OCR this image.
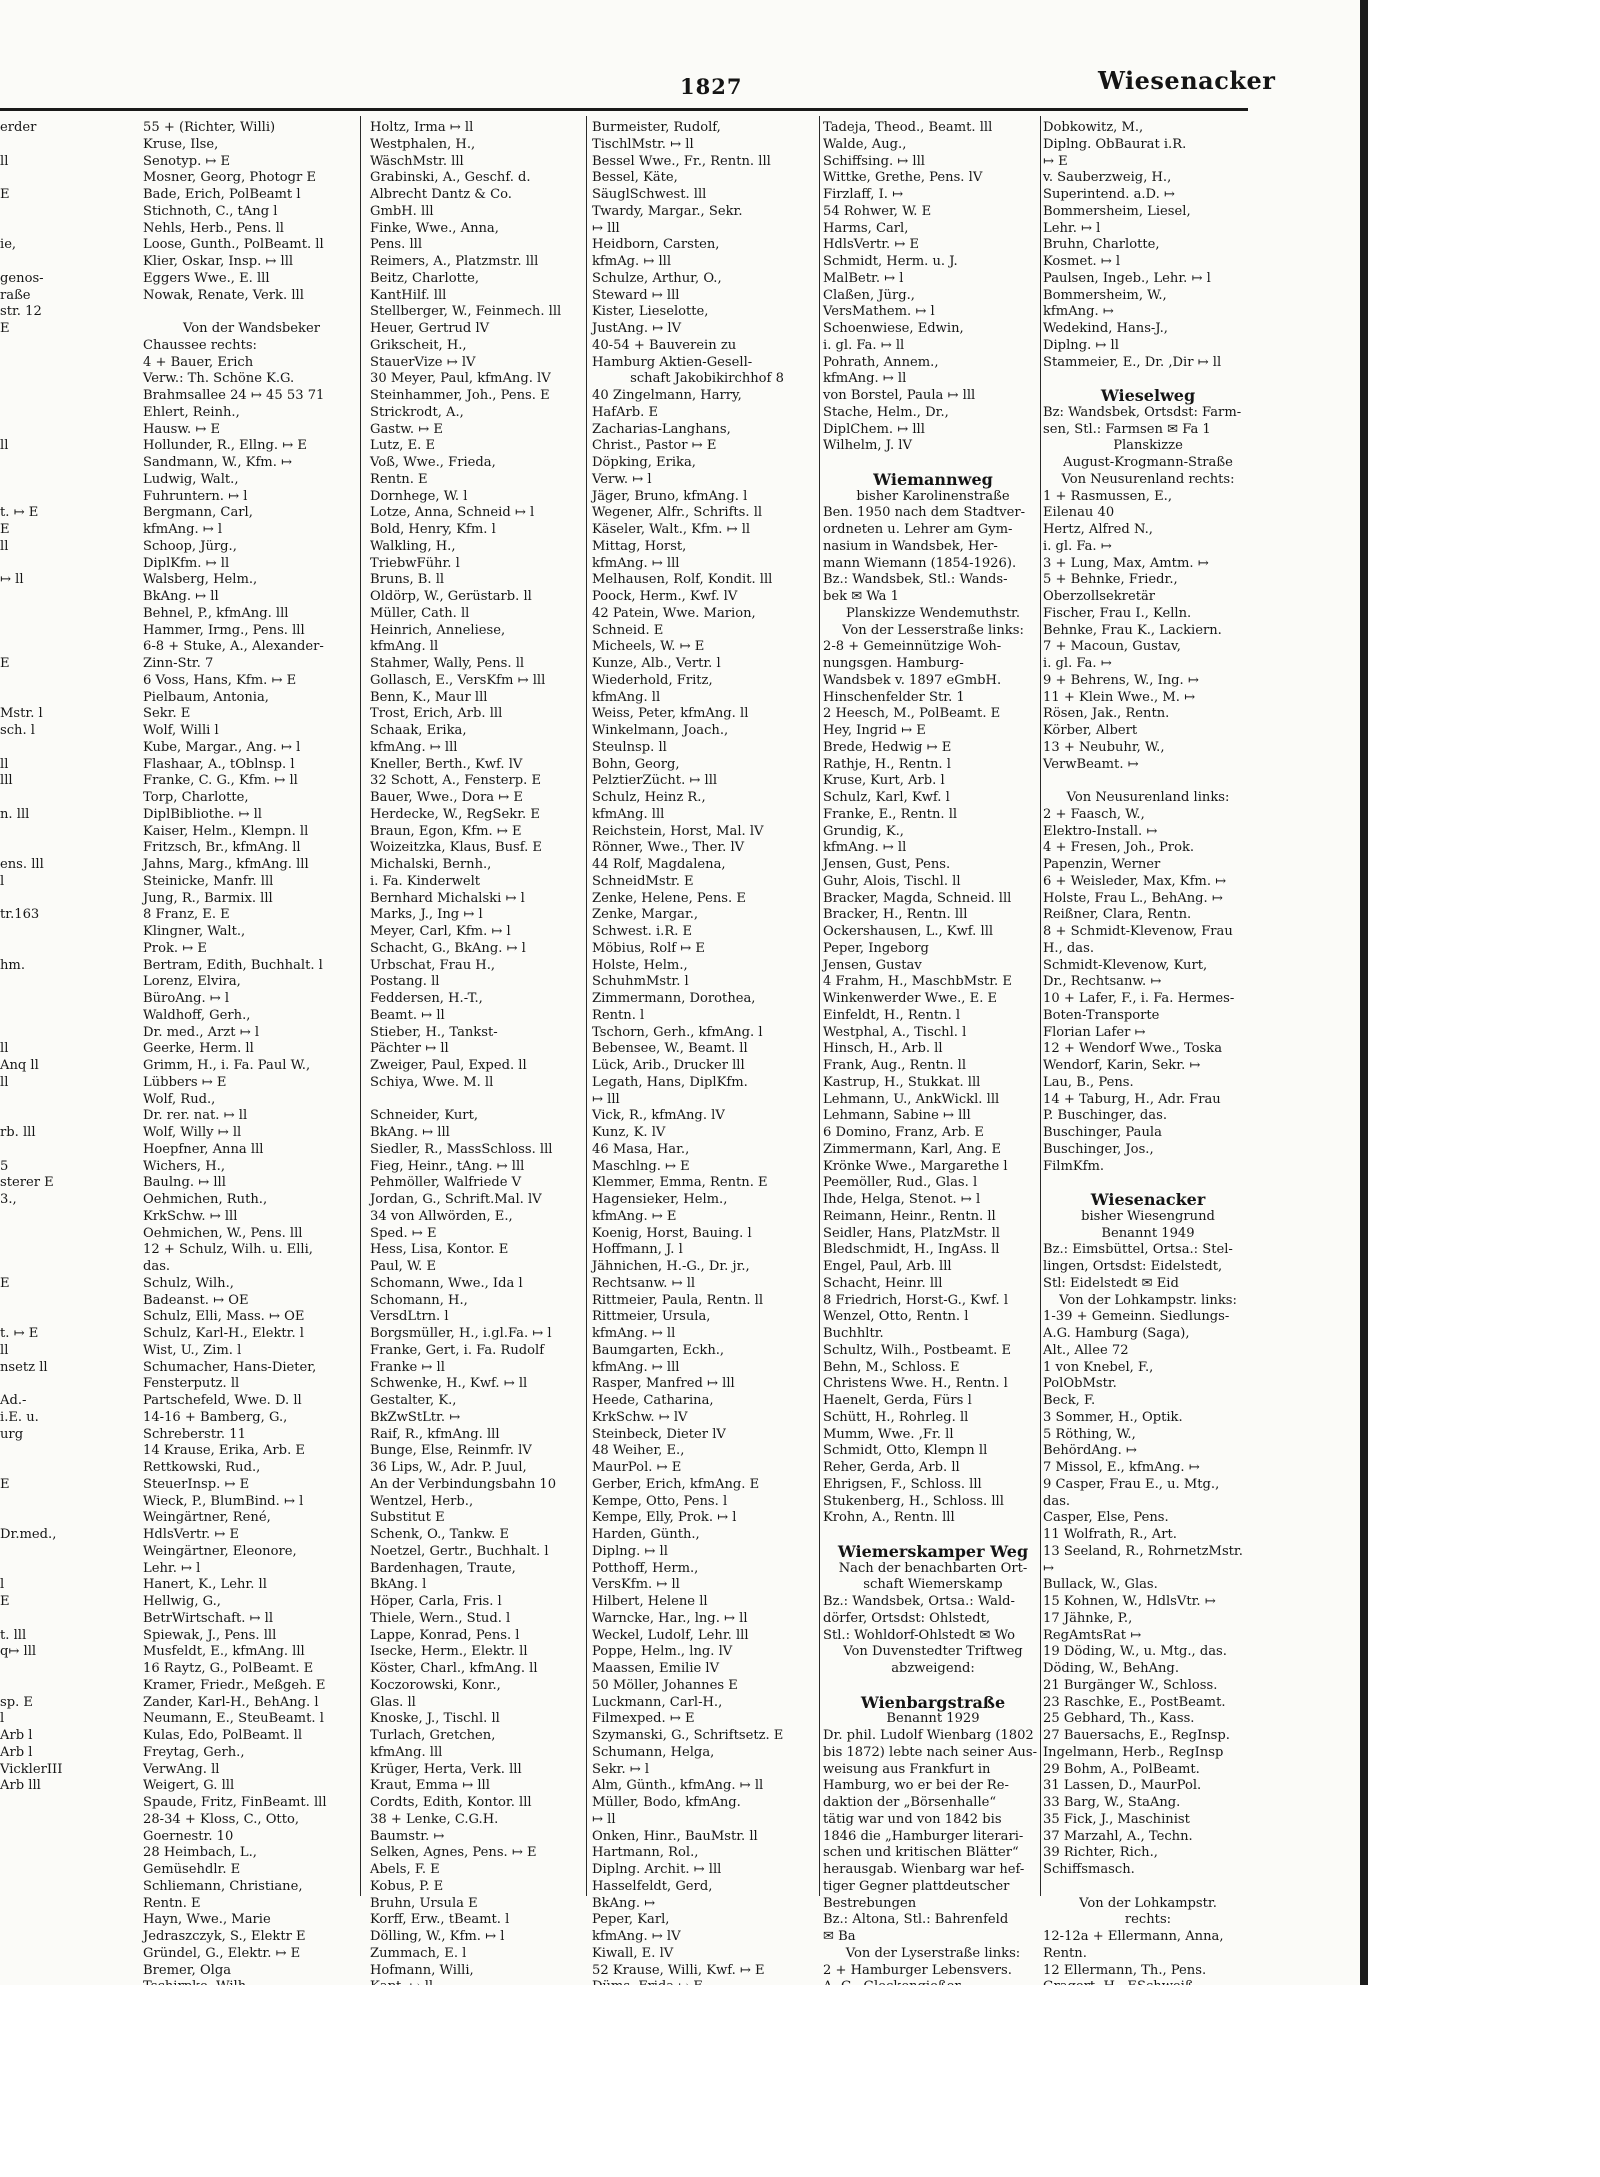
1827	Wiesenacker
erder
ll
E
ie,
genos-
raße
str. 12
E
ll
t. ↦ E
E
ll
↦ ll
E
Mstr. l
sch. l
ll
lll
n. lll
ens. lll
l
tr.163
hm.
ll
Anq ll
ll
rb. lll
5
sterer E
3.,
E
t. ↦ E
ll
nsetz ll
Ad.-
i.E. u.
urg
E
Dr.med.,
l
E
t. lll
q↦ lll
sp. E
l
Arb l
Arb l
VicklerIII
Arb lll
55 + (Richter, Willi)
Kruse, Ilse,
Senotyp. ↦ E
Mosner, Georg, Photogr E
Bade, Erich, PolBeamt l
Stichnoth, C., tAng l
Nehls, Herb., Pens. ll
Loose, Gunth., PolBeamt. ll
Klier, Oskar, Insp. ↦ lll
Eggers Wwe., E. lll
Nowak, Renate, Verk. lll
Von der Wandsbeker
Chaussee rechts:
4 + Bauer, Erich
Verw.: Th. Schöne K.G.
Brahmsallee 24 ↦ 45 53 71
Ehlert, Reinh.,
Hausw. ↦ E
Hollunder, R., Ellng. ↦ E
Sandmann, W., Kfm. ↦
Ludwig, Walt.,
Fuhruntern. ↦ l
Bergmann, Carl,
kfmAng. ↦ l
Schoop, Jürg.,
DiplKfm. ↦ ll
Walsberg, Helm.,
BkAng. ↦ ll
Behnel, P., kfmAng. lll
Hammer, Irmg., Pens. lll
6-8 + Stuke, A., Alexander-
Zinn-Str. 7
6 Voss, Hans, Kfm. ↦ E
Pielbaum, Antonia,
Sekr. E
Wolf, Willi l
Kube, Margar., Ang. ↦ l
Flashaar, A., tOblnsp. l
Franke, C. G., Kfm. ↦ ll
Torp, Charlotte,
DiplBibliothe. ↦ ll
Kaiser, Helm., Klempn. ll
Fritzsch, Br., kfmAng. ll
Jahns, Marg., kfmAng. lll
Steinicke, Manfr. lll
Jung, R., Barmix. lll
8 Franz, E. E
Klingner, Walt.,
Prok. ↦ E
Bertram, Edith, Buchhalt. l
Lorenz, Elvira,
BüroAng. ↦ l
Waldhoff, Gerh.,
Dr. med., Arzt ↦ l
Geerke, Herm. ll
Grimm, H., i. Fa. Paul W.,
Lübbers ↦ E
Wolf, Rud.,
Dr. rer. nat. ↦ ll
Wolf, Willy ↦ ll
Hoepfner, Anna lll
Wichers, H.,
Baulng. ↦ lll
Oehmichen, Ruth.,
KrkSchw. ↦ lll
Oehmichen, W., Pens. lll
12 + Schulz, Wilh. u. Elli,
das.
Schulz, Wilh.,
Badeanst. ↦ OE
Schulz, Elli, Mass. ↦ OE
Schulz, Karl-H., Elektr. l
Wist, U., Zim. l
Schumacher, Hans-Dieter,
Fensterputz. ll
Partschefeld, Wwe. D. ll
14-16 + Bamberg, G.,
Schreberstr. 11
14 Krause, Erika, Arb. E
Rettkowski, Rud.,
SteuerInsp. ↦ E
Wieck, P., BlumBind. ↦ l
Weingärtner, René,
HdlsVertr. ↦ E
Weingärtner, Eleonore,
Lehr. ↦ l
Hanert, K., Lehr. ll
Hellwig, G.,
BetrWirtschaft. ↦ ll
Spiewak, J., Pens. lll
Musfeldt, E., kfmAng. lll
16 Raytz, G., PolBeamt. E
Kramer, Friedr., Meßgeh. E
Zander, Karl-H., BehAng. l
Neumann, E., SteuBeamt. l
Kulas, Edo, PolBeamt. ll
Freytag, Gerh.,
VerwAng. ll
Weigert, G. lll
Spaude, Fritz, FinBeamt. lll
28-34 + Kloss, C., Otto,
Goernestr. 10
28 Heimbach, L.,
Gemüsehdlr. E
Schliemann, Christiane,
Rentn. E
Hayn, Wwe., Marie
Jedraszczyk, S., Elektr E
Gründel, G., Elektr. ↦ E
Bremer, Olga
Holtz, Irma ↦ ll
Westphalen, H.,
WäschMstr. lll
Grabinski, A., Geschf. d.
Albrecht Dantz & Co.
GmbH. lll
Finke, Wwe., Anna,
Pens. lll
Reimers, A., Platzmstr. lll
Beitz, Charlotte,
KantHilf. lll
Stellberger, W., Feinmech. lll
Heuer, Gertrud lV
Grikscheit, H.,
StauerVize ↦ lV
30 Meyer, Paul, kfmAng. lV
Steinhammer, Joh., Pens. E
Strickrodt, A.,
Gastw. ↦ E
Lutz, E. E
Voß, Wwe., Frieda,
Rentn. E
Dornhege, W. l
Lotze, Anna, Schneid ↦ l
Bold, Henry, Kfm. l
Walkling, H.,
TriebwFühr. l
Bruns, B. ll
Oldörp, W., Gerüstarb. ll
Müller, Cath. ll
Heinrich, Anneliese,
kfmAng. ll
Stahmer, Wally, Pens. ll
Gollasch, E., VersKfm ↦ lll
Benn, K., Maur lll
Trost, Erich, Arb. lll
Schaak, Erika,
kfmAng. ↦ lll
Kneller, Berth., Kwf. lV
32 Schott, A., Fensterp. E
Bauer, Wwe., Dora ↦ E
Herdecke, W., RegSekr. E
Braun, Egon, Kfm. ↦ E
Woizeitzka, Klaus, Busf. E
Michalski, Bernh.,
i. Fa. Kinderwelt
Bernhard Michalski ↦ l
Marks, J., Ing ↦ l
Meyer, Carl, Kfm. ↦ l
Schacht, G., BkAng. ↦ l
Urbschat, Frau H.,
Postang. ll
Feddersen, H.-T.,
Beamt. ↦ ll
Stieber, H., Tankst-
Pächter ↦ ll
Zweiger, Paul, Exped. ll
Schiya, Wwe. M. ll
Schneider, Kurt,
BkAng. ↦ lll
Siedler, R., MassSchloss. lll
Fieg, Heinr., tAng. ↦ lll
Pehmöller, Walfriede V
Jordan, G., Schrift.Mal. lV
34 von Allwörden, E.,
Sped. ↦ E
Hess, Lisa, Kontor. E
Paul, W. E
Schomann, Wwe., Ida l
Schomann, H.,
VersdLtrn. l
Borgsmüller, H., i.gl.Fa. ↦ l
Franke, Gert, i. Fa. Rudolf
Franke ↦ ll
Schwenke, H., Kwf. ↦ ll
Gestalter, K.,
BkZwStLtr. ↦
Raif, R., kfmAng. lll
Bunge, Else, Reinmfr. lV
36 Lips, W., Adr. P. Juul,
An der Verbindungsbahn 10
Wentzel, Herb.,
Substitut E
Schenk, O., Tankw. E
Noetzel, Gertr., Buchhalt. l
Bardenhagen, Traute,
BkAng. l
Höper, Carla, Fris. l
Thiele, Wern., Stud. l
Lappe, Konrad, Pens. l
Isecke, Herm., Elektr. ll
Köster, Charl., kfmAng. ll
Koczorowski, Konr.,
Glas. ll
Knoske, J., Tischl. ll
Turlach, Gretchen,
kfmAng. lll
Krüger, Herta, Verk. lll
Kraut, Emma ↦ lll
Cordts, Edith, Kontor. lll
38 + Lenke, C.G.H.
Baumstr. ↦
Selken, Agnes, Pens. ↦ E
Abels, F. E
Kobus, P. E
Bruhn, Ursula E
Korff, Erw., tBeamt. l
Dölling, W., Kfm. ↦ l
Zummach, E. l
Hofmann, Willi,
Burmeister, Rudolf,
TischlMstr. ↦ ll
Bessel Wwe., Fr., Rentn. lll
Bessel, Käte,
SäuglSchwest. lll
Twardy, Margar., Sekr.
↦ lll
Heidborn, Carsten,
kfmAg. ↦ lll
Schulze, Arthur, O.,
Steward ↦ lll
Kister, Lieselotte,
JustAng. ↦ lV
40-54 + Bauverein zu
Hamburg Aktien-Gesell-
schaft Jakobikirchhof 8
40 Zingelmann, Harry,
HafArb. E
Zacharias-Langhans,
Christ., Pastor ↦ E
Döpking, Erika,
Verw. ↦ l
Jäger, Bruno, kfmAng. l
Wegener, Alfr., Schrifts. ll
Käseler, Walt., Kfm. ↦ ll
Mittag, Horst,
kfmAng. ↦ lll
Melhausen, Rolf, Kondit. lll
Poock, Herm., Kwf. lV
42 Patein, Wwe. Marion,
Schneid. E
Micheels, W. ↦ E
Kunze, Alb., Vertr. l
Wiederhold, Fritz,
kfmAng. ll
Weiss, Peter, kfmAng. ll
Winkelmann, Joach.,
Steulnsp. ll
Bohn, Georg,
PelztierZücht. ↦ lll
Schulz, Heinz R.,
kfmAng. lll
Reichstein, Horst, Mal. lV
Rönner, Wwe., Ther. lV
44 Rolf, Magdalena,
SchneidMstr. E
Zenke, Helene, Pens. E
Zenke, Margar.,
Schwest. i.R. E
Möbius, Rolf ↦ E
Holste, Helm.,
SchuhmMstr. l
Zimmermann, Dorothea,
Rentn. l
Tschorn, Gerh., kfmAng. l
Bebensee, W., Beamt. ll
Lück, Arib., Drucker lll
Legath, Hans, DiplKfm.
↦ lll
Vick, R., kfmAng. lV
Kunz, K. lV
46 Masa, Har.,
Maschlng. ↦ E
Klemmer, Emma, Rentn. E
Hagensieker, Helm.,
kfmAng. ↦ E
Koenig, Horst, Bauing. l
Hoffmann, J. l
Jähnichen, H.-G., Dr. jr.,
Rechtsanw. ↦ ll
Rittmeier, Paula, Rentn. ll
Rittmeier, Ursula,
kfmAng. ↦ ll
Baumgarten, Eckh.,
kfmAng. ↦ lll
Rasper, Manfred ↦ lll
Heede, Catharina,
KrkSchw. ↦ lV
Steinbeck, Dieter lV
48 Weiher, E.,
MaurPol. ↦ E
Gerber, Erich, kfmAng. E
Kempe, Otto, Pens. l
Kempe, Elly, Prok. ↦ l
Harden, Günth.,
Diplng. ↦ ll
Potthoff, Herm.,
VersKfm. ↦ ll
Hilbert, Helene ll
Warncke, Har., lng. ↦ ll
Weckel, Ludolf, Lehr. lll
Poppe, Helm., lng. lV
Maassen, Emilie lV
50 Möller, Johannes E
Luckmann, Carl-H.,
Filmexped. ↦ E
Szymanski, G., Schriftsetz. E
Schumann, Helga,
Sekr. ↦ l
Alm, Günth., kfmAng. ↦ ll
Müller, Bodo, kfmAng.
↦ ll
Onken, Hinr., BauMstr. ll
Hartmann, Rol.,
Diplng. Archit. ↦ lll
Hasselfeldt, Gerd,
BkAng. ↦
Peper, Karl,
kfmAng. ↦ lV
Kiwall, E. lV
52 Krause, Willi, Kwf. ↦ E
Tadeja, Theod., Beamt. lll
Walde, Aug.,
Schiffsing. ↦ lll
Wittke, Grethe, Pens. lV
Firzlaff, I. ↦
54 Rohwer, W. E
Harms, Carl,
HdlsVertr. ↦ E
Schmidt, Herm. u. J.
MalBetr. ↦ l
Claßen, Jürg.,
VersMathem. ↦ l
Schoenwiese, Edwin,
i. gl. Fa. ↦ ll
Pohrath, Annem.,
kfmAng. ↦ ll
von Borstel, Paula ↦ lll
Stache, Helm., Dr.,
DiplChem. ↦ lll
Wilhelm, J. lV
Wiemannweg
bisher Karolinenstraße
Ben. 1950 nach dem Stadtver-
ordneten u. Lehrer am Gym-
nasium in Wandsbek, Her-
mann Wiemann (1854-1926).
Bz.: Wandsbek, Stl.: Wands-
bek ✉ Wa 1
Planskizze Wendemuthstr.
Von der Lesserstraße links:
2-8 + Gemeinnützige Woh-
nungsgen. Hamburg-
Wandsbek v. 1897 eGmbH.
Hinschenfelder Str. 1
2 Heesch, M., PolBeamt. E
Hey, Ingrid ↦ E
Brede, Hedwig ↦ E
Rathje, H., Rentn. l
Kruse, Kurt, Arb. l
Schulz, Karl, Kwf. l
Franke, E., Rentn. ll
Grundig, K.,
kfmAng. ↦ ll
Jensen, Gust, Pens.
Guhr, Alois, Tischl. ll
Bracker, Magda, Schneid. lll
Bracker, H., Rentn. lll
Ockershausen, L., Kwf. lll
Peper, Ingeborg
Jensen, Gustav
4 Frahm, H., MaschbMstr. E
Winkenwerder Wwe., E. E
Einfeldt, H., Rentn. l
Westphal, A., Tischl. l
Hinsch, H., Arb. ll
Frank, Aug., Rentn. ll
Kastrup, H., Stukkat. lll
Lehmann, U., AnkWickl. lll
Lehmann, Sabine ↦ lll
6 Domino, Franz, Arb. E
Zimmermann, Karl, Ang. E
Krönke Wwe., Margarethe l
Peemöller, Rud., Glas. l
Ihde, Helga, Stenot. ↦ l
Reimann, Heinr., Rentn. ll
Seidler, Hans, PlatzMstr. ll
Bledschmidt, H., IngAss. ll
Engel, Paul, Arb. lll
Schacht, Heinr. lll
8 Friedrich, Horst-G., Kwf. l
Wenzel, Otto, Rentn. l
Buchhltr.
Schultz, Wilh., Postbeamt. E
Behn, M., Schloss. E
Christens Wwe. H., Rentn. l
Haenelt, Gerda, Fürs l
Schütt, H., Rohrleg. ll
Mumm, Wwe. ,Fr. ll
Schmidt, Otto, Klempn ll
Reher, Gerda, Arb. ll
Ehrigsen, F., Schloss. lll
Stukenberg, H., Schloss. lll
Krohn, A., Rentn. lll
Wiemerskamper Weg
Nach der benachbarten Ort-
schaft Wiemerskamp
Bz.: Wandsbek, Ortsa.: Wald-
dörfer, Ortsdst: Ohlstedt,
Stl.: Wohldorf-Ohlstedt ✉ Wo
Von Duvenstedter Triftweg
abzweigend:
Wienbargstraße
Benannt 1929
Dr. phil. Ludolf Wienbarg (1802
bis 1872) lebte nach seiner Aus-
weisung aus Frankfurt in
Hamburg, wo er bei der Re-
daktion der „Börsenhalle“
tätig war und von 1842 bis
1846 die „Hamburger literari-
schen und kritischen Blätter“
herausgab. Wienbarg war hef-
tiger Gegner plattdeutscher
Bestrebungen
Bz.: Altona, Stl.: Bahrenfeld
✉ Ba
Von der Lyserstraße links:
2 + Hamburger Lebensvers.
Dobkowitz, M.,
Diplng. ObBaurat i.R.
↦ E
v. Sauberzweig, H.,
Superintend. a.D. ↦
Bommersheim, Liesel,
Lehr. ↦ l
Bruhn, Charlotte,
Kosmet. ↦ l
Paulsen, Ingeb., Lehr. ↦ l
Bommersheim, W.,
kfmAng. ↦
Wedekind, Hans-J.,
Diplng. ↦ ll
Stammeier, E., Dr. ,Dir ↦ ll
Wieselweg
Bz: Wandsbek, Ortsdst: Farm-
sen, Stl.: Farmsen ✉ Fa 1
Planskizze
August-Krogmann-Straße
Von Neusurenland rechts:
1 + Rasmussen, E.,
Eilenau 40
Hertz, Alfred N.,
i. gl. Fa. ↦
3 + Lung, Max, Amtm. ↦
5 + Behnke, Friedr.,
Oberzollsekretär
Fischer, Frau I., Kelln.
Behnke, Frau K., Lackiern.
7 + Macoun, Gustav,
i. gl. Fa. ↦
9 + Behrens, W., Ing. ↦
11 + Klein Wwe., M. ↦
Rösen, Jak., Rentn.
Körber, Albert
13 + Neubuhr, W.,
VerwBeamt. ↦
Von Neusurenland links:
2 + Faasch, W.,
Elektro-Install. ↦
4 + Fresen, Joh., Prok.
Papenzin, Werner
6 + Weisleder, Max, Kfm. ↦
Holste, Frau L., BehAng. ↦
Reißner, Clara, Rentn.
8 + Schmidt-Klevenow, Frau
H., das.
Schmidt-Klevenow, Kurt,
Dr., Rechtsanw. ↦
10 + Lafer, F., i. Fa. Hermes-
Boten-Transporte
Florian Lafer ↦
12 + Wendorf Wwe., Toska
Wendorf, Karin, Sekr. ↦
Lau, B., Pens.
14 + Taburg, H., Adr. Frau
P. Buschinger, das.
Buschinger, Paula
Buschinger, Jos.,
FilmKfm.
Wiesenacker
bisher Wiesengrund
Benannt 1949
Bz.: Eimsbüttel, Ortsa.: Stel-
lingen, Ortsdst: Eidelstedt,
Stl: Eidelstedt ✉ Eid
Von der Lohkampstr. links:
1-39 + Gemeinn. Siedlungs-
A.G. Hamburg (Saga),
Alt., Allee 72
1 von Knebel, F.,
PolObMstr.
Beck, F.
3 Sommer, H., Optik.
5 Röthing, W.,
BehördAng. ↦
7 Missol, E., kfmAng. ↦
9 Casper, Frau E., u. Mtg.,
das.
Casper, Else, Pens.
11 Wolfrath, R., Art.
13 Seeland, R., RohrnetzMstr.
↦
Bullack, W., Glas.
15 Kohnen, W., HdlsVtr. ↦
17 Jähnke, P.,
RegAmtsRat ↦
19 Döding, W., u. Mtg., das.
Döding, W., BehAng.
21 Burgänger W., Schloss.
23 Raschke, E., PostBeamt.
25 Gebhard, Th., Kass.
27 Bauersachs, E., RegInsp.
Ingelmann, Herb., RegInsp
29 Bohm, A., PolBeamt.
31 Lassen, D., MaurPol.
33 Barg, W., StaAng.
35 Fick, J., Maschinist
37 Marzahl, A., Techn.
39 Richter, Rich.,
Schiffsmasch.
Von der Lohkampstr.
rechts:
12-12a + Ellermann, Anna,
Rentn.
12 Ellermann, Th., Pens.
